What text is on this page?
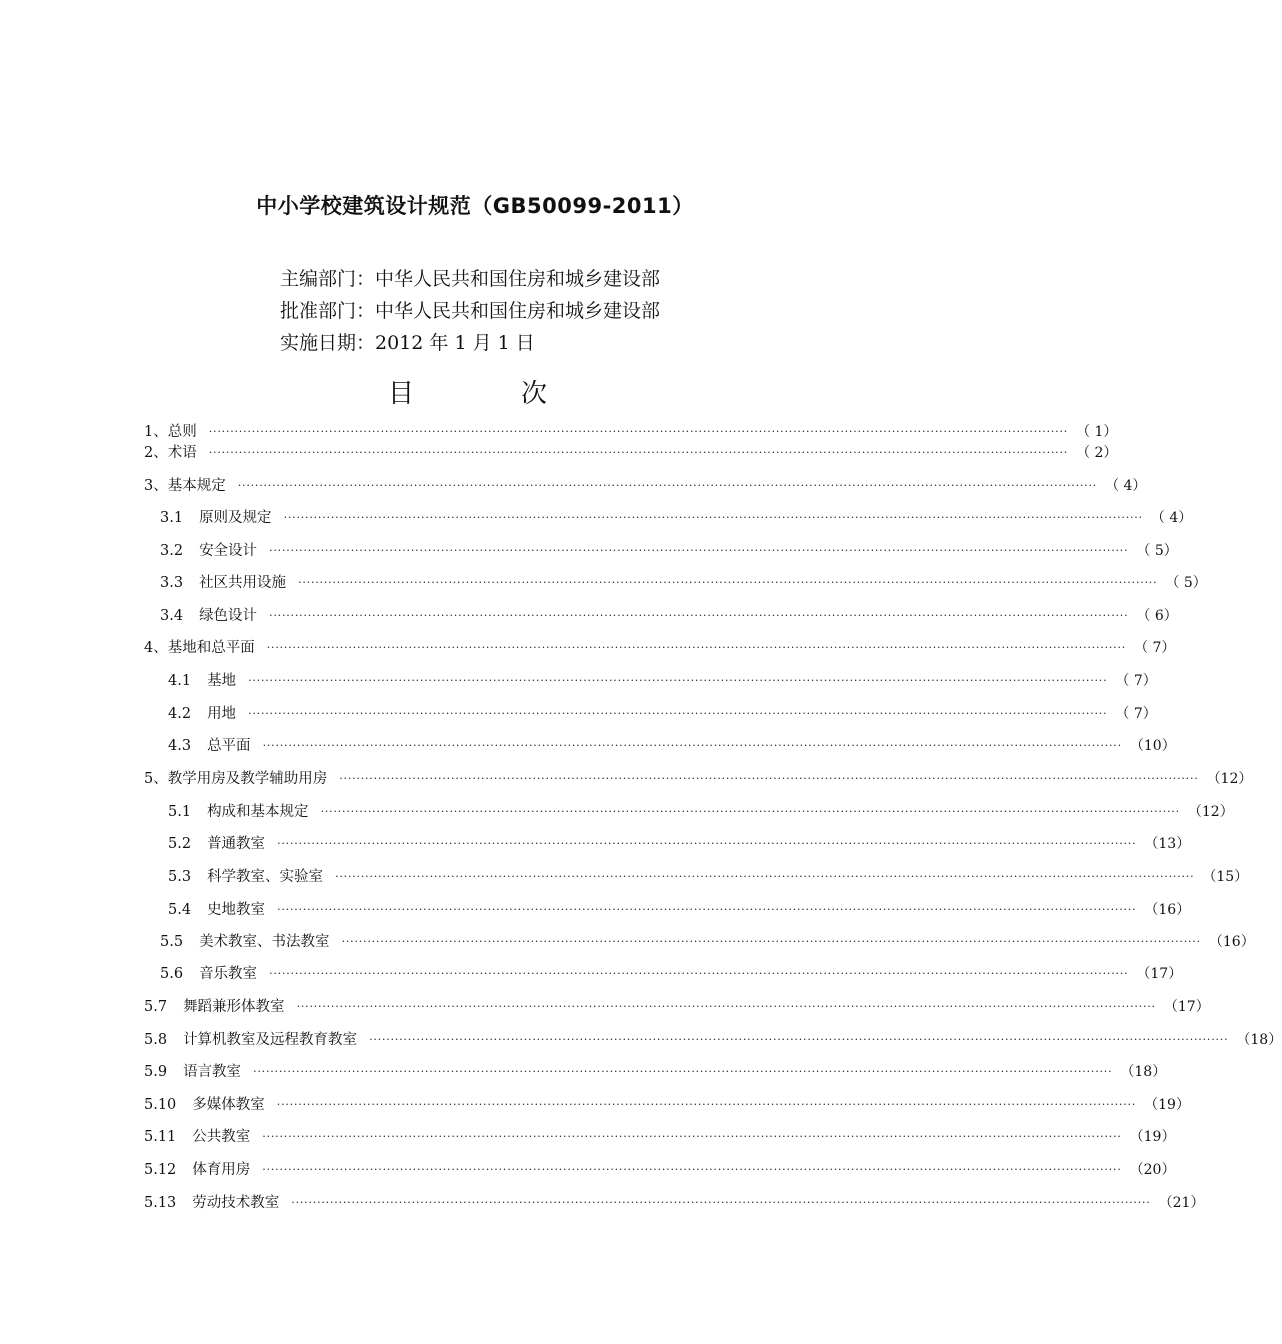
中小学校建筑设计规范（GB50099-2011）
主编部门：中华人民共和国住房和城乡建设部
批准部门：中华人民共和国住房和城乡建设部
实施日期：2012 年 1 月 1 日
目	次
1、总则 ········································································································································································································ （ 1）
2、术语 ········································································································································································································ （ 2）
3、基本规定 ········································································································································································································ （ 4）
3.1 原则及规定 ········································································································································································································ （ 4）
3.2 安全设计 ········································································································································································································ （ 5）
3.3 社区共用设施 ········································································································································································································ （ 5）
3.4 绿色设计 ········································································································································································································ （ 6）
4、基地和总平面 ········································································································································································································ （ 7）
4.1 基地 ········································································································································································································ （ 7）
4.2 用地 ········································································································································································································ （ 7）
4.3 总平面 ········································································································································································································ （10）
5、教学用房及教学辅助用房 ········································································································································································································ （12）
5.1 构成和基本规定 ········································································································································································································ （12）
5.2 普通教室 ········································································································································································································ （13）
5.3 科学教室、实验室 ········································································································································································································ （15）
5.4 史地教室 ········································································································································································································ （16）
5.5 美术教室、书法教室 ········································································································································································································ （16）
5.6 音乐教室 ········································································································································································································ （17）
5.7 舞蹈兼形体教室 ········································································································································································································ （17）
5.8 计算机教室及远程教育教室 ········································································································································································································ （18）
5.9 语言教室 ········································································································································································································ （18）
5.10 多媒体教室 ········································································································································································································ （19）
5.11 公共教室 ········································································································································································································ （19）
5.12 体育用房 ········································································································································································································ （20）
5.13 劳动技术教室 ········································································································································································································ （21）
